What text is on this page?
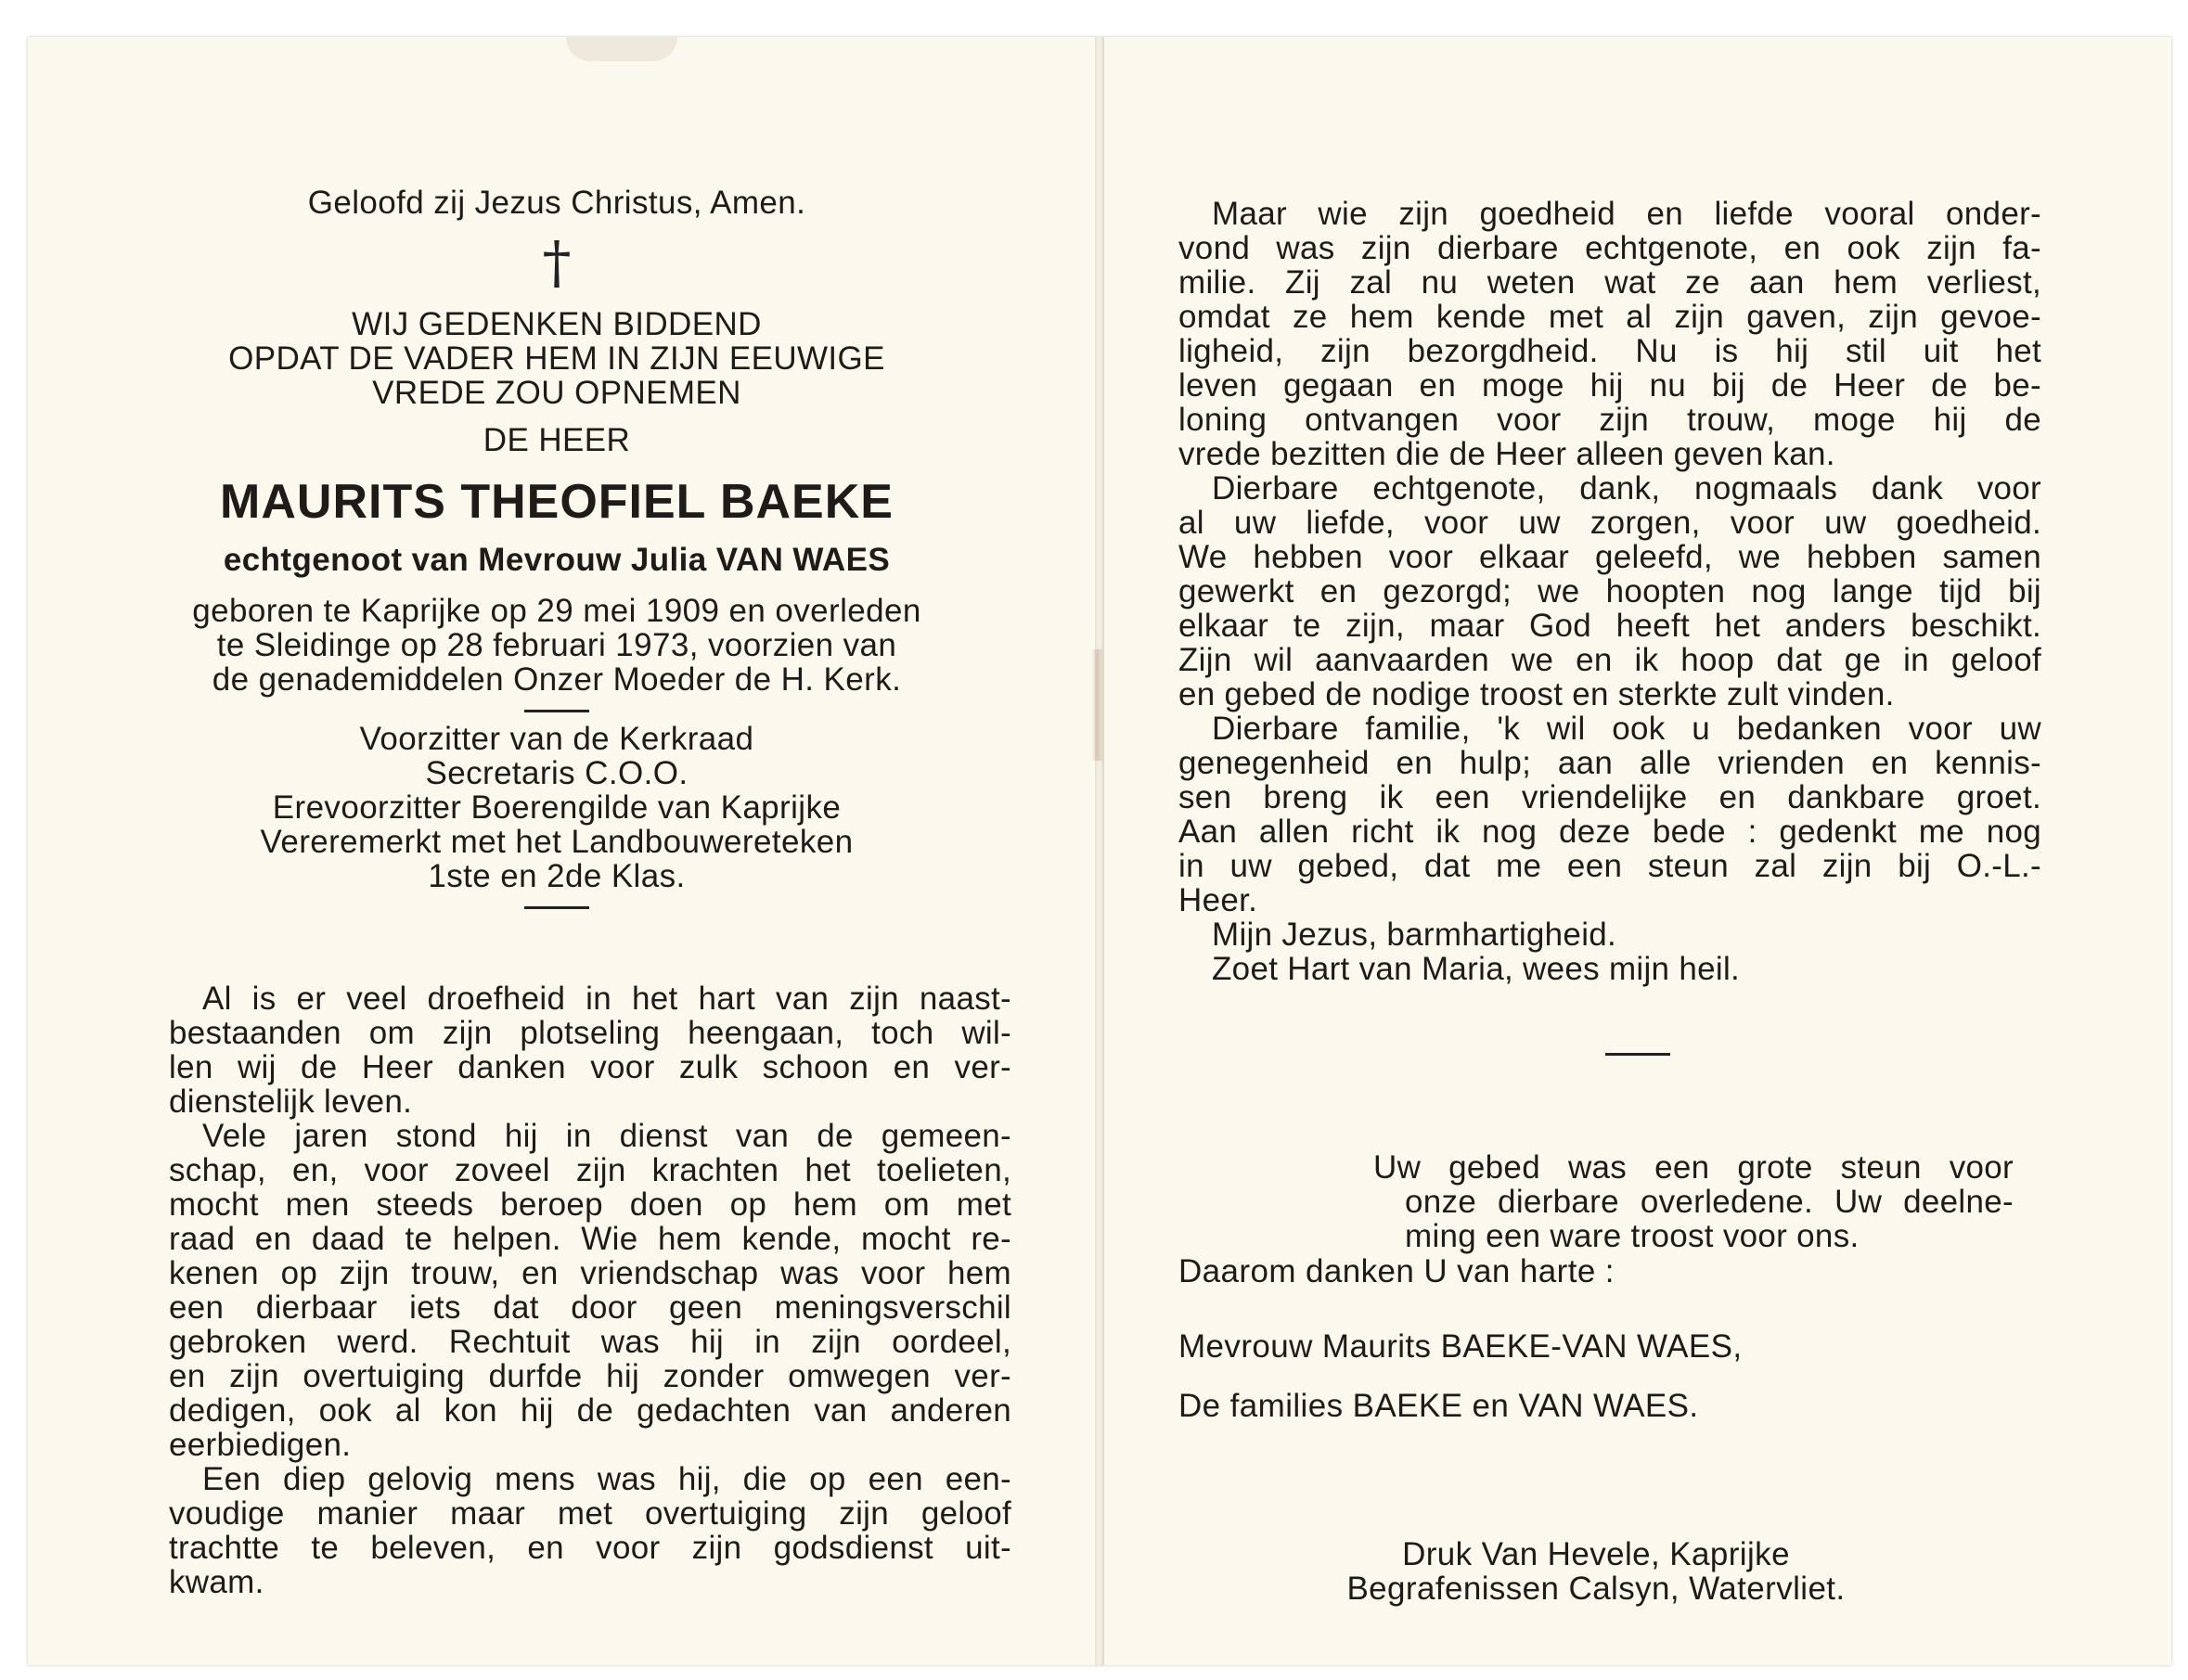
Geloofd zij Jezus Christus, Amen.
†
WIJ GEDENKEN BIDDEND
OPDAT DE VADER HEM IN ZIJN EEUWIGE
VREDE ZOU OPNEMEN
DE HEER
MAURITS THEOFIEL BAEKE
echtgenoot van Mevrouw Julia VAN WAES
geboren te Kaprijke op 29 mei 1909 en overleden
te Sleidinge op 28 februari 1973, voorzien van
de genademiddelen Onzer Moeder de H. Kerk.
Voorzitter van de Kerkraad
Secretaris C.O.O.
Erevoorzitter Boerengilde van Kaprijke
Vereremerkt met het Landbouwereteken
1ste en 2de Klas.
Al is er veel droefheid in het hart van zijn naast-
bestaanden om zijn plotseling heengaan, toch wil-
len wij de Heer danken voor zulk schoon en ver-
dienstelijk leven.
Vele jaren stond hij in dienst van de gemeen-
schap, en, voor zoveel zijn krachten het toelieten,
mocht men steeds beroep doen op hem om met
raad en daad te helpen. Wie hem kende, mocht re-
kenen op zijn trouw, en vriendschap was voor hem
een dierbaar iets dat door geen meningsverschil
gebroken werd. Rechtuit was hij in zijn oordeel,
en zijn overtuiging durfde hij zonder omwegen ver-
dedigen, ook al kon hij de gedachten van anderen
eerbiedigen.
Een diep gelovig mens was hij, die op een een-
voudige manier maar met overtuiging zijn geloof
trachtte te beleven, en voor zijn godsdienst uit-
kwam.
Maar wie zijn goedheid en liefde vooral onder-
vond was zijn dierbare echtgenote, en ook zijn fa-
milie. Zij zal nu weten wat ze aan hem verliest,
omdat ze hem kende met al zijn gaven, zijn gevoe-
ligheid, zijn bezorgdheid. Nu is hij stil uit het
leven gegaan en moge hij nu bij de Heer de be-
loning ontvangen voor zijn trouw, moge hij de
vrede bezitten die de Heer alleen geven kan.
Dierbare echtgenote, dank, nogmaals dank voor
al uw liefde, voor uw zorgen, voor uw goedheid.
We hebben voor elkaar geleefd, we hebben samen
gewerkt en gezorgd; we hoopten nog lange tijd bij
elkaar te zijn, maar God heeft het anders beschikt.
Zijn wil aanvaarden we en ik hoop dat ge in geloof
en gebed de nodige troost en sterkte zult vinden.
Dierbare familie, 'k wil ook u bedanken voor uw
genegenheid en hulp; aan alle vrienden en kennis-
sen breng ik een vriendelijke en dankbare groet.
Aan allen richt ik nog deze bede : gedenkt me nog
in uw gebed, dat me een steun zal zijn bij O.-L.-
Heer.
Mijn Jezus, barmhartigheid.
Zoet Hart van Maria, wees mijn heil.
Uw gebed was een grote steun voor
onze dierbare overledene. Uw deelne-
ming een ware troost voor ons.
Daarom danken U van harte :
Mevrouw Maurits BAEKE-VAN WAES,
De families BAEKE en VAN WAES.
Druk Van Hevele, Kaprijke
Begrafenissen Calsyn, Watervliet.
